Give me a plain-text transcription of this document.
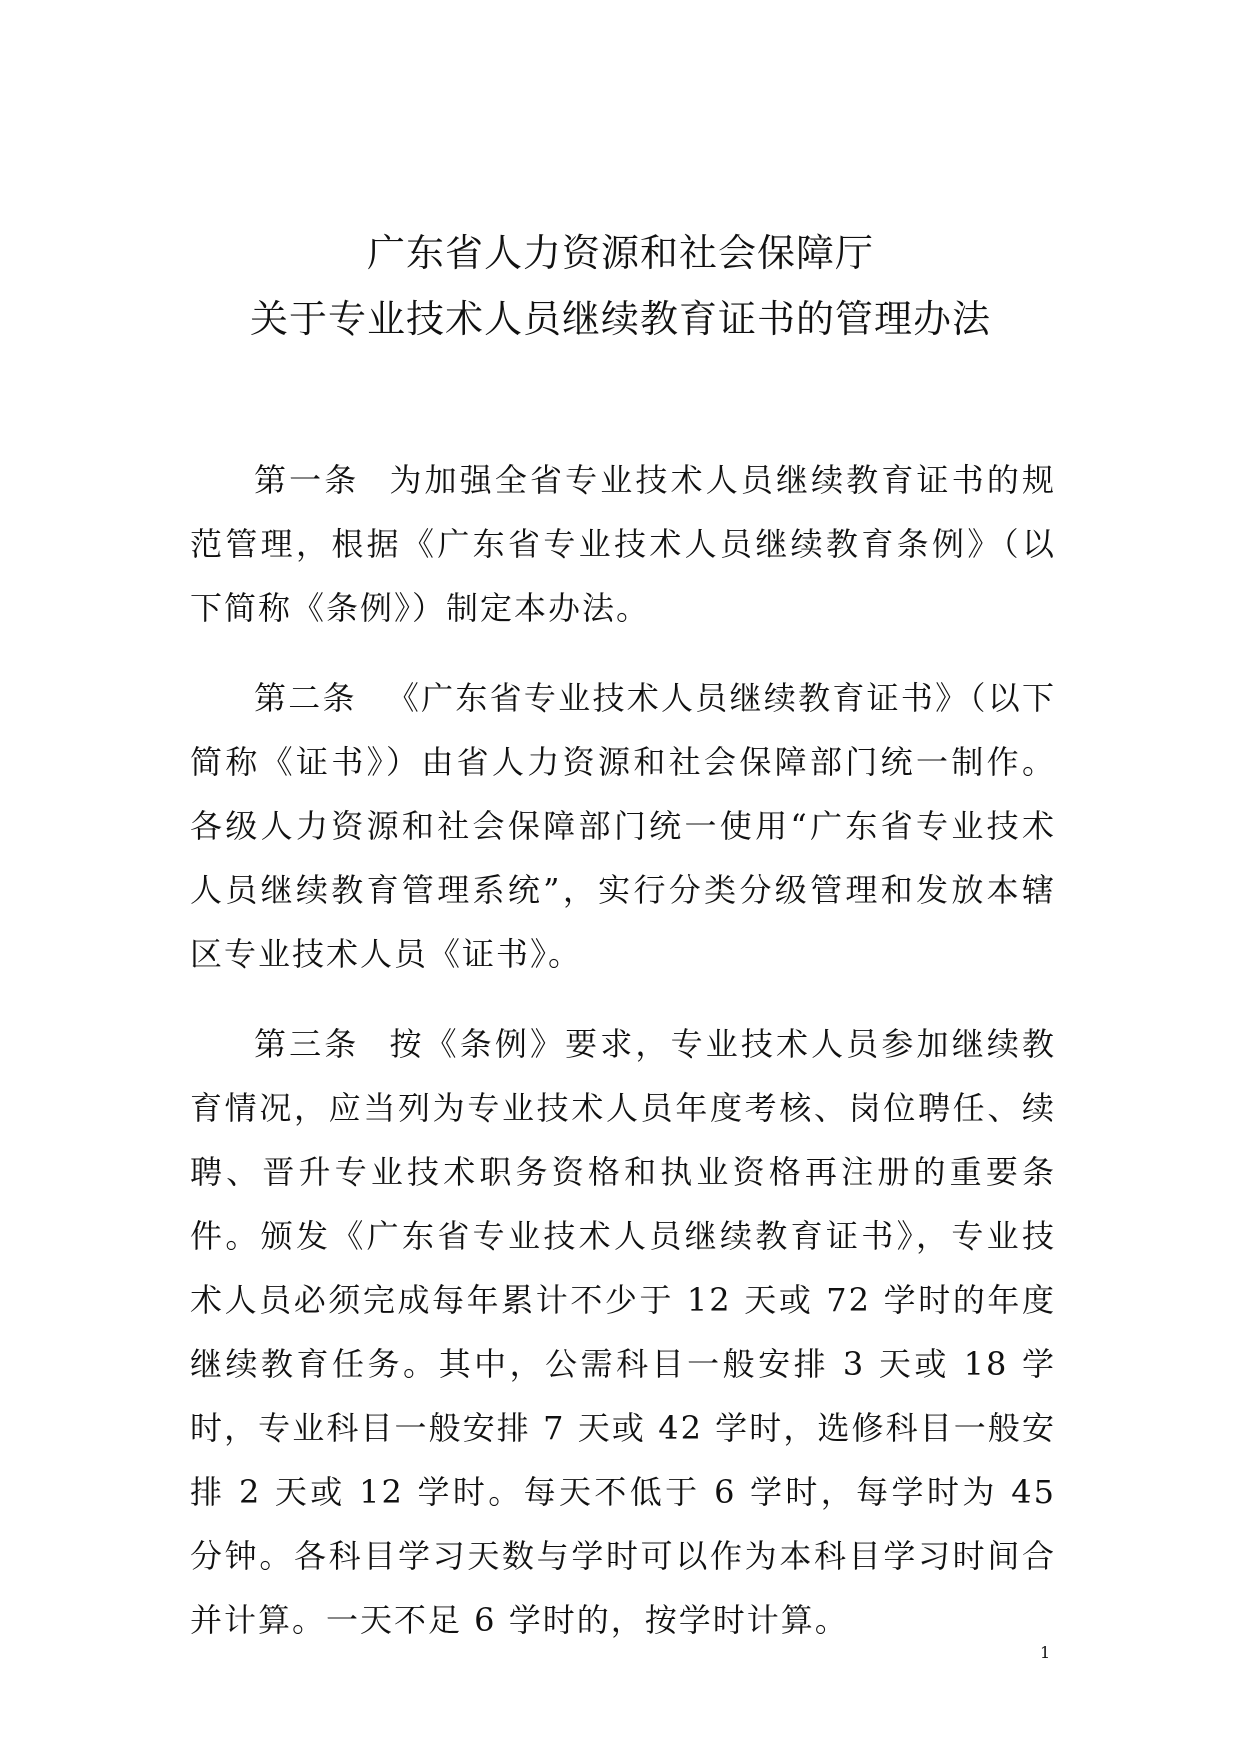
广东省人力资源和社会保障厅
关于专业技术人员继续教育证书的管理办法

第一条 为加强全省专业技术人员继续教育证书的规范管理，根据《广东省专业技术人员继续教育条例》（以下简称《条例》）制定本办法。

第二条 《广东省专业技术人员继续教育证书》（以下简称《证书》）由省人力资源和社会保障部门统一制作。各级人力资源和社会保障部门统一使用“广东省专业技术人员继续教育管理系统”，实行分类分级管理和发放本辖区专业技术人员《证书》。

第三条 按《条例》要求，专业技术人员参加继续教育情况，应当列为专业技术人员年度考核、岗位聘任、续聘、晋升专业技术职务资格和执业资格再注册的重要条件。颁发《广东省专业技术人员继续教育证书》，专业技术人员必须完成每年累计不少于 12 天或 72 学时的年度继续教育任务。其中，公需科目一般安排 3 天或 18 学时，专业科目一般安排 7 天或 42 学时，选修科目一般安排 2 天或 12 学时。每天不低于 6 学时，每学时为 45 分钟。各科目学习天数与学时可以作为本科目学习时间合并计算。一天不足 6 学时的，按学时计算。

1
